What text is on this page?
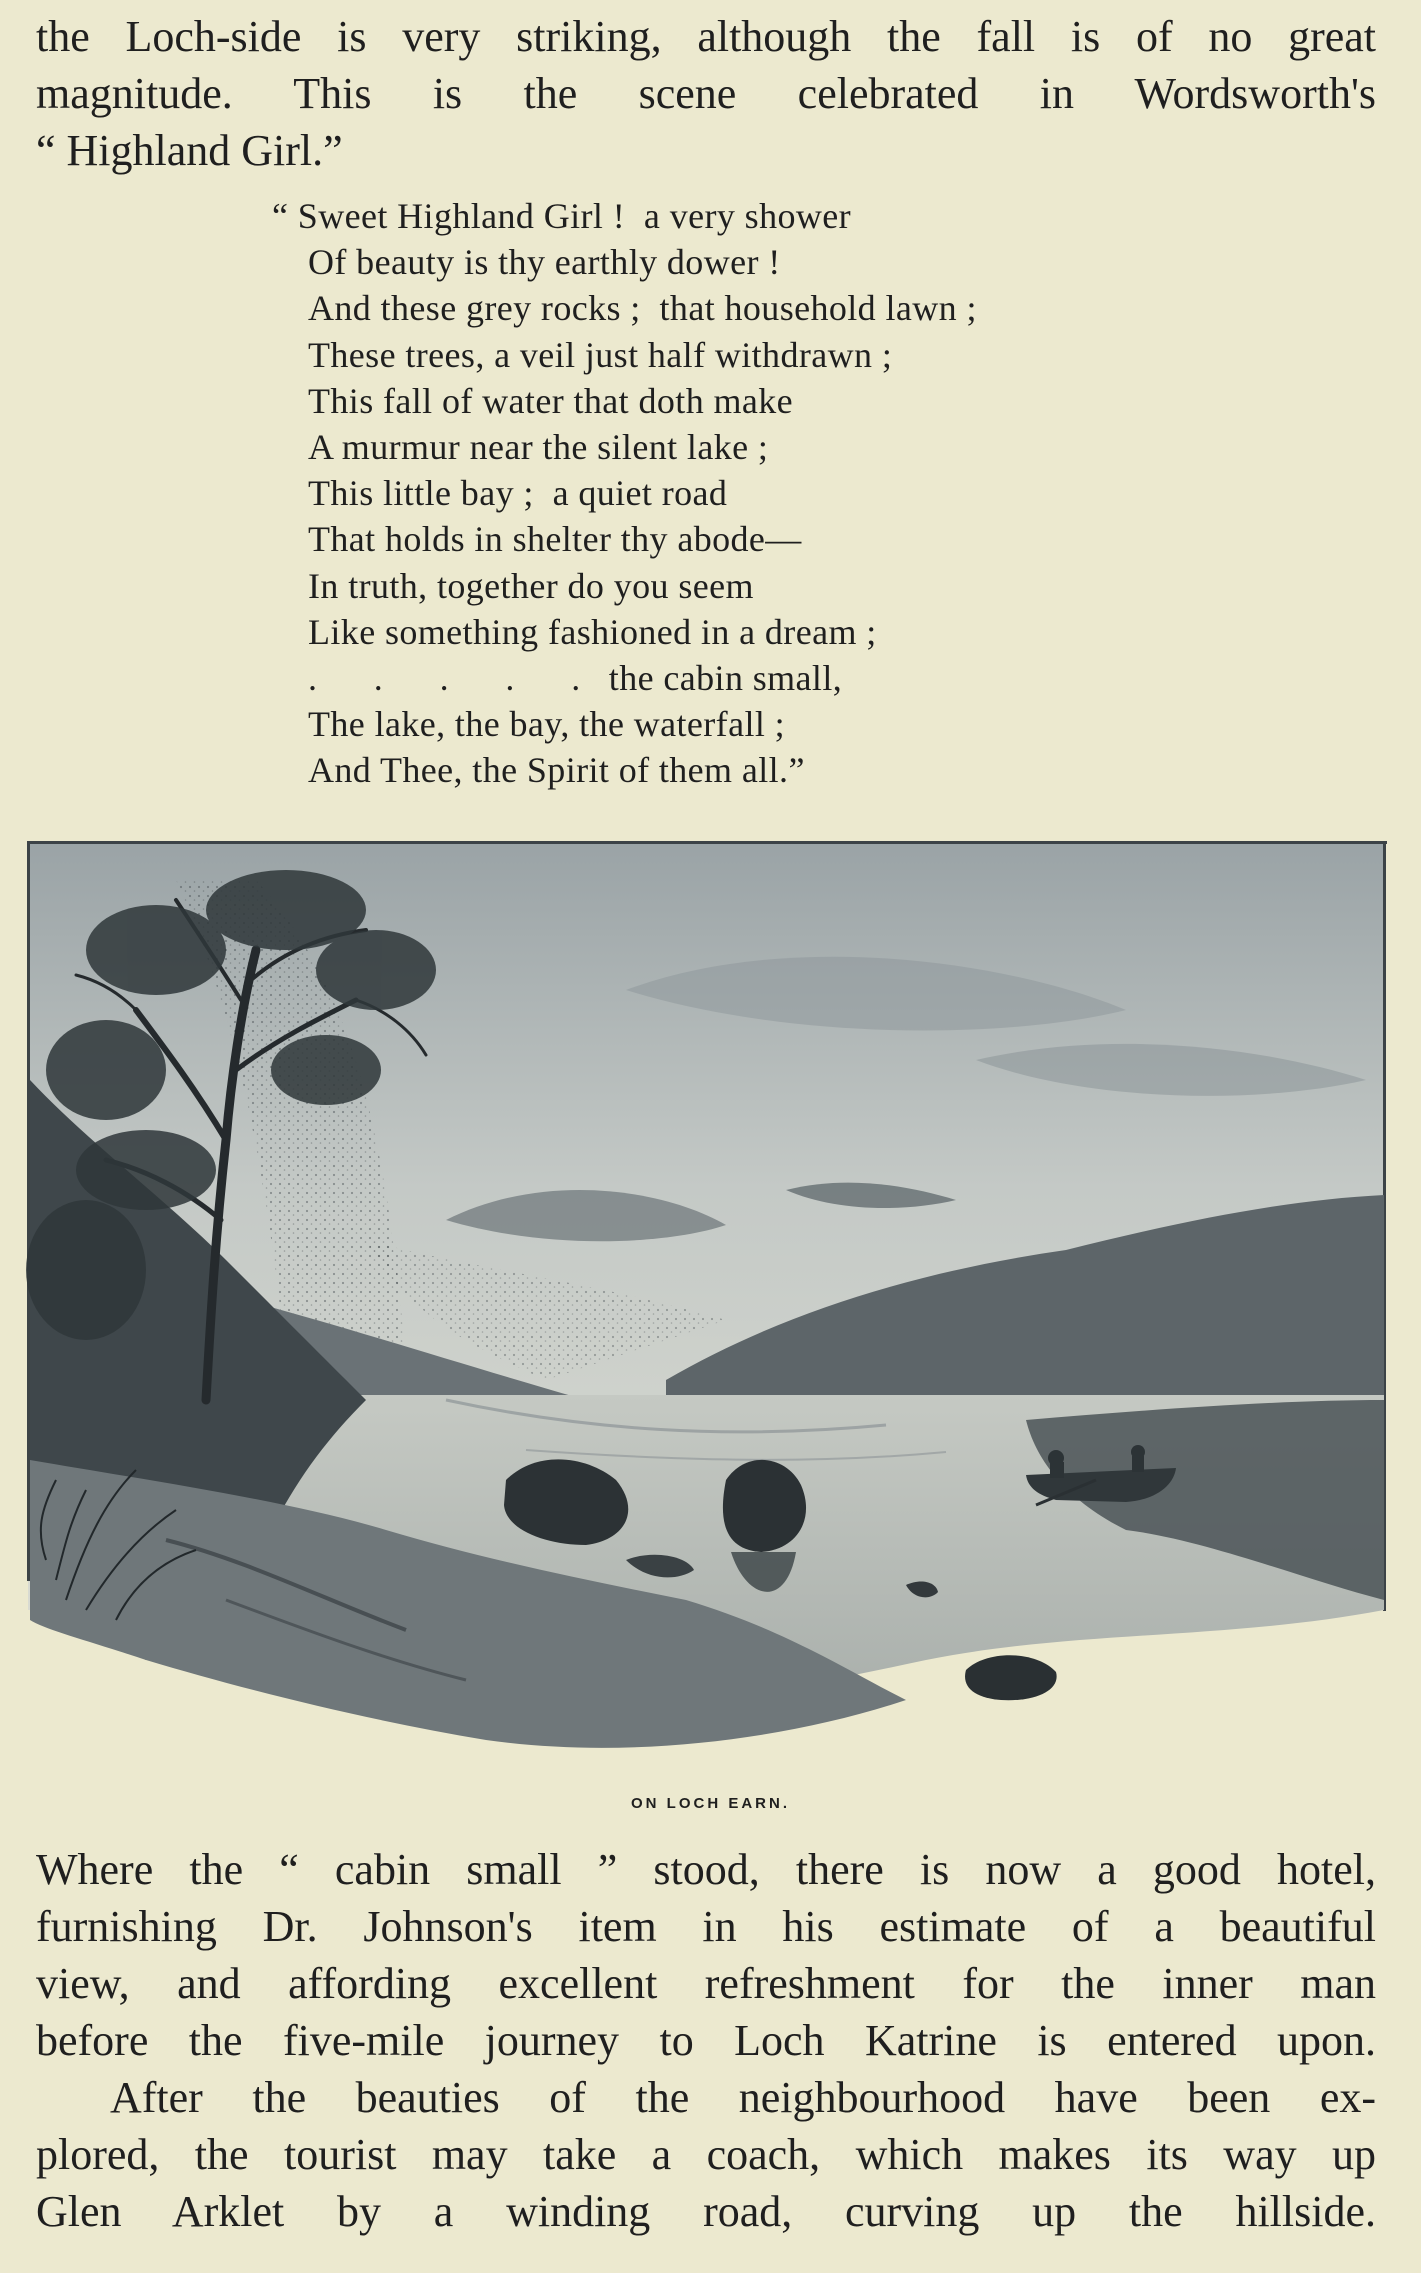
the Loch-side is very striking, although the fall is of no great
magnitude. This is the scene celebrated in Wordsworth's
“ Highland Girl.”
“ Sweet Highland Girl !  a very shower
Of beauty is thy earthly dower !
And these grey rocks ;  that household lawn ;
These trees, a veil just half withdrawn ;
This fall of water that doth make
A murmur near the silent lake ;
This little bay ;  a quiet road
That holds in shelter thy abode—
In truth, together do you seem
Like something fashioned in a dream ;
.      .      .      .      .   the cabin small,
The lake, the bay, the waterfall ;
And Thee, the Spirit of them all.”
ON LOCH EARN.
Where the “ cabin small ” stood, there is now a good hotel,
furnishing Dr. Johnson's item in his estimate of a beautiful
view, and affording excellent refreshment for the inner man
before the five-mile journey to Loch Katrine is entered upon.
After the beauties of the neighbourhood have been ex-
plored, the tourist may take a coach, which makes its way up
Glen Arklet by a winding road, curving up the hillside.
